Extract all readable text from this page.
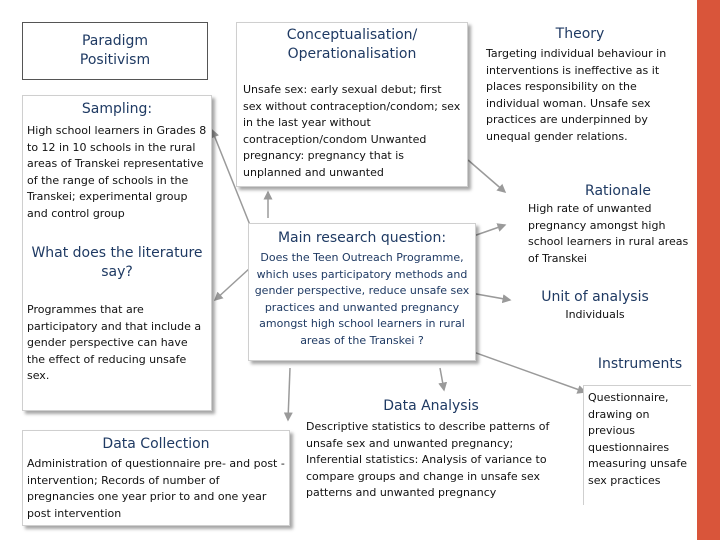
Paradigm
Positivism
Sampling:
High school learners in Grades 8 to 12 in 10 schools in the rural areas of Transkei representative of the range of schools in the Transkei; experimental group and control group
What does the literature say?
Programmes that are participatory and that include a gender perspective can have the effect of reducing unsafe sex.
Data Collection
Administration of questionnaire pre- and post - intervention; Records of number of pregnancies one year prior to and one year post intervention
Conceptualisation/ Operationalisation
Unsafe sex: early sexual debut; first sex without contraception/condom; sex in the last year without contraception/condom Unwanted pregnancy: pregnancy that is unplanned and unwanted
Main research question:
Does the Teen Outreach Programme, which uses participatory methods and gender perspective, reduce unsafe sex practices and unwanted pregnancy amongst high school learners in rural areas of the Transkei ?
Data Analysis
Descriptive statistics to describe patterns of unsafe sex and unwanted pregnancy; Inferential statistics: Analysis of variance to compare groups and change in unsafe sex patterns and unwanted pregnancy
Theory
Targeting individual behaviour in interventions is ineffective as it places responsibility on the individual woman. Unsafe sex practices are underpinned by unequal gender relations.
Rationale
High rate of unwanted pregnancy amongst high school learners in rural areas of Transkei
Unit of analysis
Individuals
Instruments
Questionnaire, drawing on previous questionnaires measuring unsafe sex practices
